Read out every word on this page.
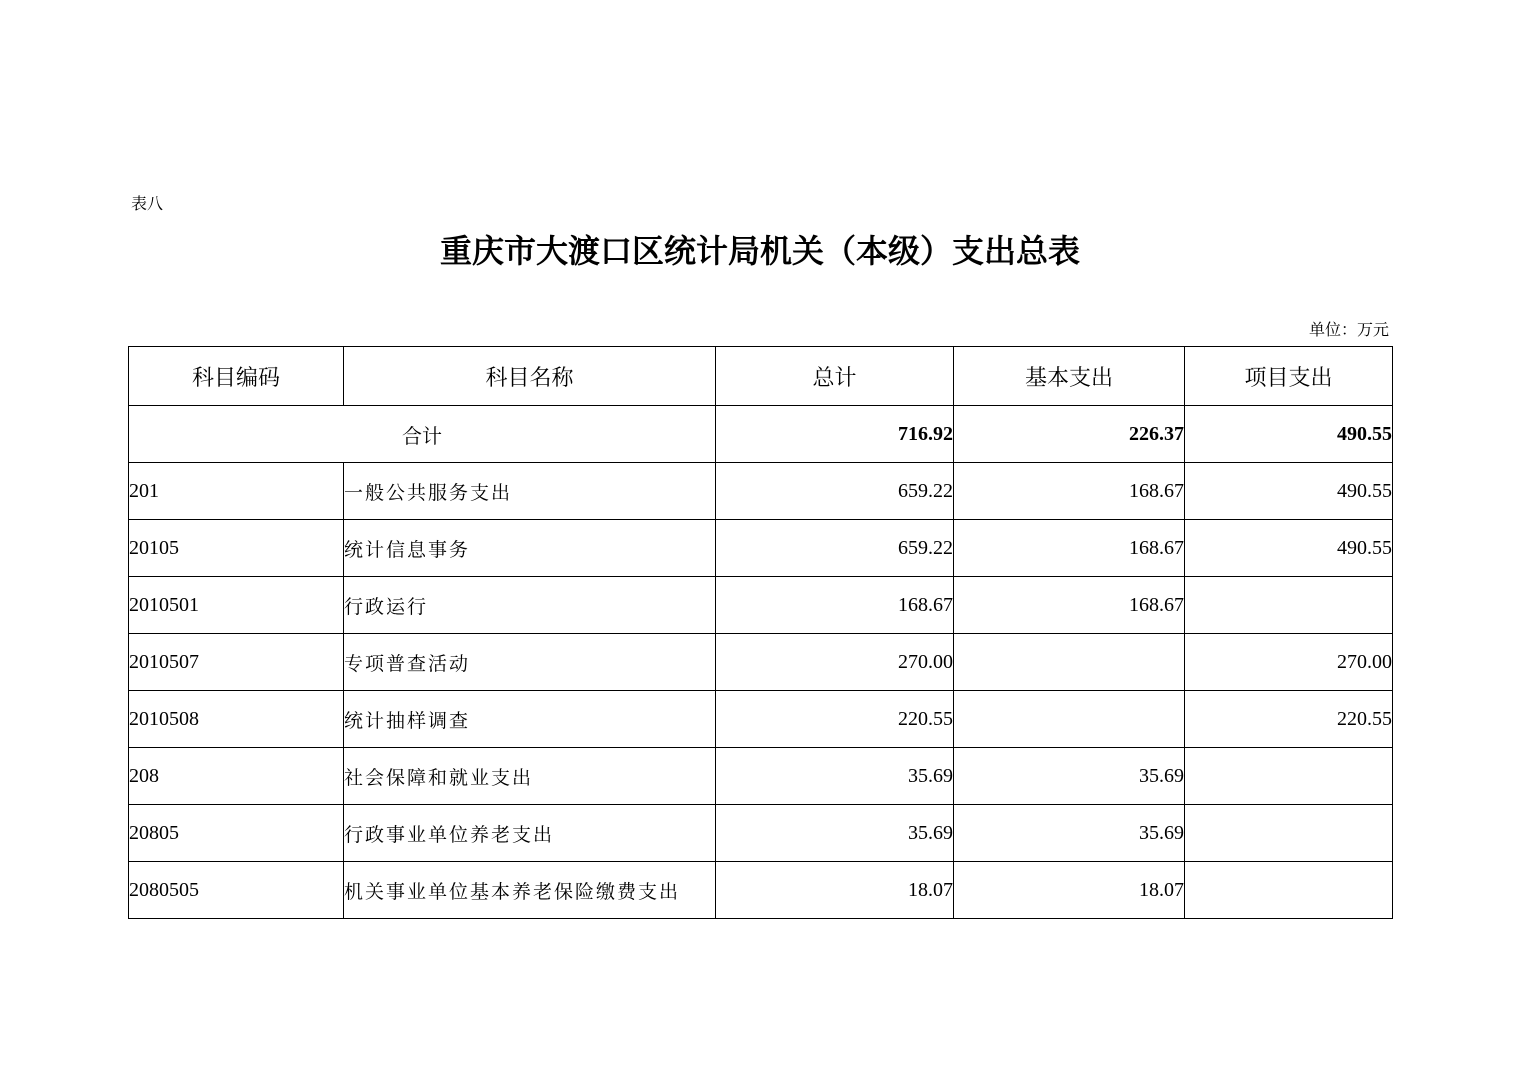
表八
重庆市大渡口区统计局机关（本级）支出总表
单位：万元
科目编码	科目名称	总计	基本支出	项目支出
合计		716.92	226.37	490.55
201	一般公共服务支出	659.22	168.67	490.55
20105	统计信息事务	659.22	168.67	490.55
2010501	行政运行	168.67	168.67	
2010507	专项普查活动	270.00		270.00
2010508	统计抽样调查	220.55		220.55
208	社会保障和就业支出	35.69	35.69	
20805	行政事业单位养老支出	35.69	35.69	
2080505	机关事业单位基本养老保险缴费支出	18.07	18.07	
